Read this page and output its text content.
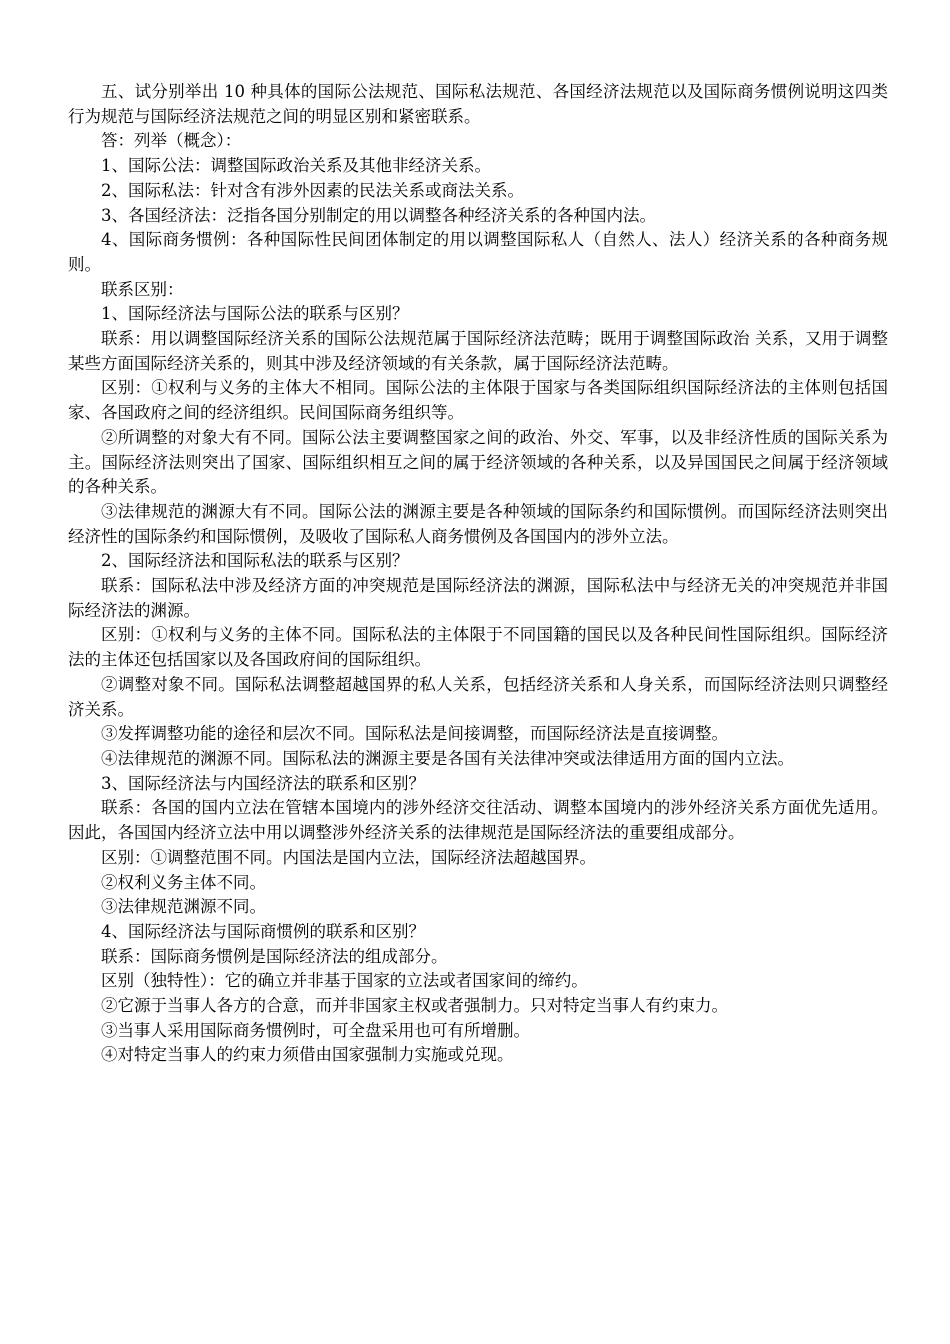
五、试分别举出 10 种具体的国际公法规范、国际私法规范、各国经济法规范以及国际商务惯例说明这四类行为规范与国际经济法规范之间的明显区别和紧密联系。

答：列举（概念）：

1、国际公法：调整国际政治关系及其他非经济关系。

2、国际私法：针对含有涉外因素的民法关系或商法关系。

3、各国经济法：泛指各国分别制定的用以调整各种经济关系的各种国内法。

4、国际商务惯例：各种国际性民间团体制定的用以调整国际私人（自然人、法人）经济关系的各种商务规则。

联系区别：

1、国际经济法与国际公法的联系与区别？

联系：用以调整国际经济关系的国际公法规范属于国际经济法范畴；既用于调整国际政治 关系，又用于调整某些方面国际经济关系的，则其中涉及经济领域的有关条款，属于国际经济法范畴。

区别：①权利与义务的主体大不相同。国际公法的主体限于国家与各类国际组织国际经济法的主体则包括国家、各国政府之间的经济组织。民间国际商务组织等。

②所调整的对象大有不同。国际公法主要调整国家之间的政治、外交、军事，以及非经济性质的国际关系为主。国际经济法则突出了国家、国际组织相互之间的属于经济领域的各种关系，以及异国国民之间属于经济领域的各种关系。

③法律规范的渊源大有不同。国际公法的渊源主要是各种领域的国际条约和国际惯例。而国际经济法则突出经济性的国际条约和国际惯例，及吸收了国际私人商务惯例及各国国内的涉外立法。

2、国际经济法和国际私法的联系与区别？

联系：国际私法中涉及经济方面的冲突规范是国际经济法的渊源，国际私法中与经济无关的冲突规范并非国际经济法的渊源。

区别：①权利与义务的主体不同。国际私法的主体限于不同国籍的国民以及各种民间性国际组织。国际经济法的主体还包括国家以及各国政府间的国际组织。

②调整对象不同。国际私法调整超越国界的私人关系，包括经济关系和人身关系，而国际经济法则只调整经济关系。

③发挥调整功能的途径和层次不同。国际私法是间接调整，而国际经济法是直接调整。

④法律规范的渊源不同。国际私法的渊源主要是各国有关法律冲突或法律适用方面的国内立法。

3、国际经济法与内国经济法的联系和区别？

联系：各国的国内立法在管辖本国境内的涉外经济交往活动、调整本国境内的涉外经济关系方面优先适用。因此，各国国内经济立法中用以调整涉外经济关系的法律规范是国际经济法的重要组成部分。

区别：①调整范围不同。内国法是国内立法，国际经济法超越国界。

②权利义务主体不同。

③法律规范渊源不同。

4、国际经济法与国际商惯例的联系和区别？

联系：国际商务惯例是国际经济法的组成部分。

区别（独特性）：它的确立并非基于国家的立法或者国家间的缔约。

②它源于当事人各方的合意，而并非国家主权或者强制力。只对特定当事人有约束力。

③当事人采用国际商务惯例时，可全盘采用也可有所增删。

④对特定当事人的约束力须借由国家强制力实施或兑现。
